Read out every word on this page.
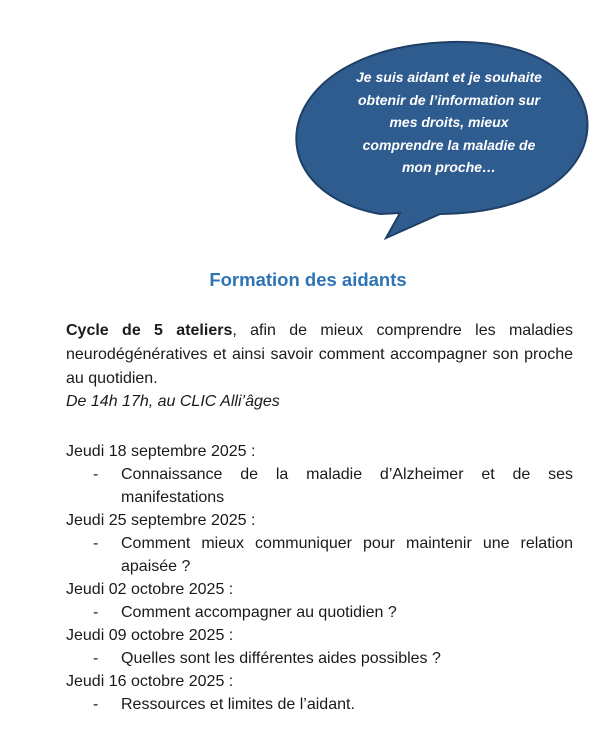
Je suis aidant et je souhaite
obtenir de l’information sur
mes droits, mieux
comprendre la maladie de
mon proche…
Formation des aidants
Cycle de 5 ateliers, afin de mieux comprendre les maladies neurodégénératives et ainsi savoir comment accompagner son proche au quotidien.
De 14h 17h, au CLIC Alli’âges
Jeudi 18 septembre 2025 :
- Connaissance de la maladie d’Alzheimer et de ses manifestations
Jeudi 25 septembre 2025 :
- Comment mieux communiquer pour maintenir une relation apaisée ?
Jeudi 02 octobre 2025 :
- Comment accompagner au quotidien ?
Jeudi 09 octobre 2025 :
- Quelles sont les différentes aides possibles ?
Jeudi 16 octobre 2025 :
- Ressources et limites de l’aidant.
